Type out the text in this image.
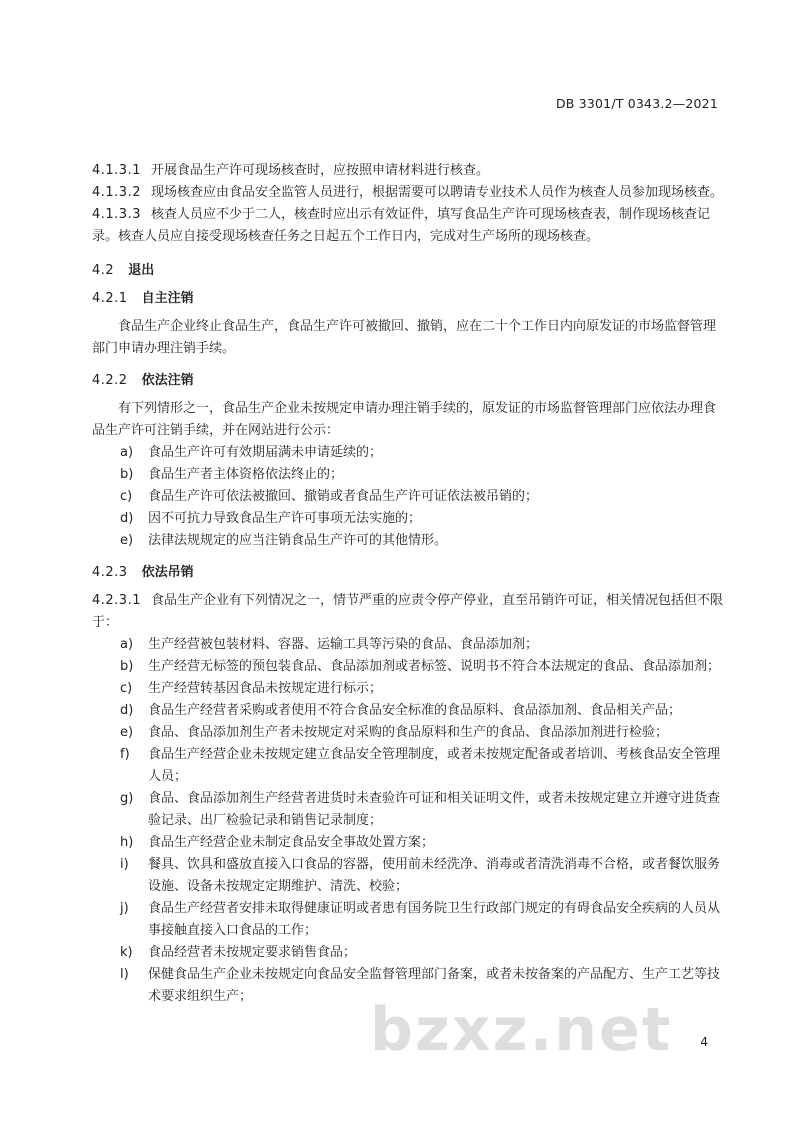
DB 3301/T 0343.2—2021

4.1.3.1 开展食品生产许可现场核查时，应按照申请材料进行核查。

4.1.3.2 现场核查应由食品安全监管人员进行，根据需要可以聘请专业技术人员作为核查人员参加现场核查。

4.1.3.3 核查人员应不少于二人，核查时应出示有效证件，填写食品生产许可现场核查表，制作现场核查记录。核查人员应自接受现场核查任务之日起五个工作日内，完成对生产场所的现场核查。

4.2 退出
4.2.1 自主注销

食品生产企业终止食品生产，食品生产许可被撤回、撤销，应在二十个工作日内向原发证的市场监督管理部门申请办理注销手续。

4.2.2 依法注销

有下列情形之一，食品生产企业未按规定申请办理注销手续的，原发证的市场监督管理部门应依法办理食品生产许可注销手续，并在网站进行公示：

a)	食品生产许可有效期届满未申请延续的；
b)	食品生产者主体资格依法终止的；
c)	食品生产许可依法被撤回、撤销或者食品生产许可证依法被吊销的；
d)	因不可抗力导致食品生产许可事项无法实施的；
e)	法律法规规定的应当注销食品生产许可的其他情形。
4.2.3 依法吊销

4.2.3.1 食品生产企业有下列情况之一，情节严重的应责令停产停业，直至吊销许可证，相关情况包括但不限于：

a)	生产经营被包装材料、容器、运输工具等污染的食品、食品添加剂；
b)	生产经营无标签的预包装食品、食品添加剂或者标签、说明书不符合本法规定的食品、食品添加剂；
c)	生产经营转基因食品未按规定进行标示；
d)	食品生产经营者采购或者使用不符合食品安全标准的食品原料、食品添加剂、食品相关产品；
e)	食品、食品添加剂生产者未按规定对采购的食品原料和生产的食品、食品添加剂进行检验；
f)	食品生产经营企业未按规定建立食品安全管理制度，或者未按规定配备或者培训、考核食品安全管理人员；
g)	食品、食品添加剂生产经营者进货时未查验许可证和相关证明文件，或者未按规定建立并遵守进货查验记录、出厂检验记录和销售记录制度；
h)	食品生产经营企业未制定食品安全事故处置方案；
i)	餐具、饮具和盛放直接入口食品的容器，使用前未经洗净、消毒或者清洗消毒不合格，或者餐饮服务设施、设备未按规定定期维护、清洗、校验；
j)	食品生产经营者安排未取得健康证明或者患有国务院卫生行政部门规定的有碍食品安全疾病的人员从事接触直接入口食品的工作；
k)	食品经营者未按规定要求销售食品；
l)	保健食品生产企业未按规定向食品安全监督管理部门备案，或者未按备案的产品配方、生产工艺等技术要求组织生产；	bzxz.net 4
